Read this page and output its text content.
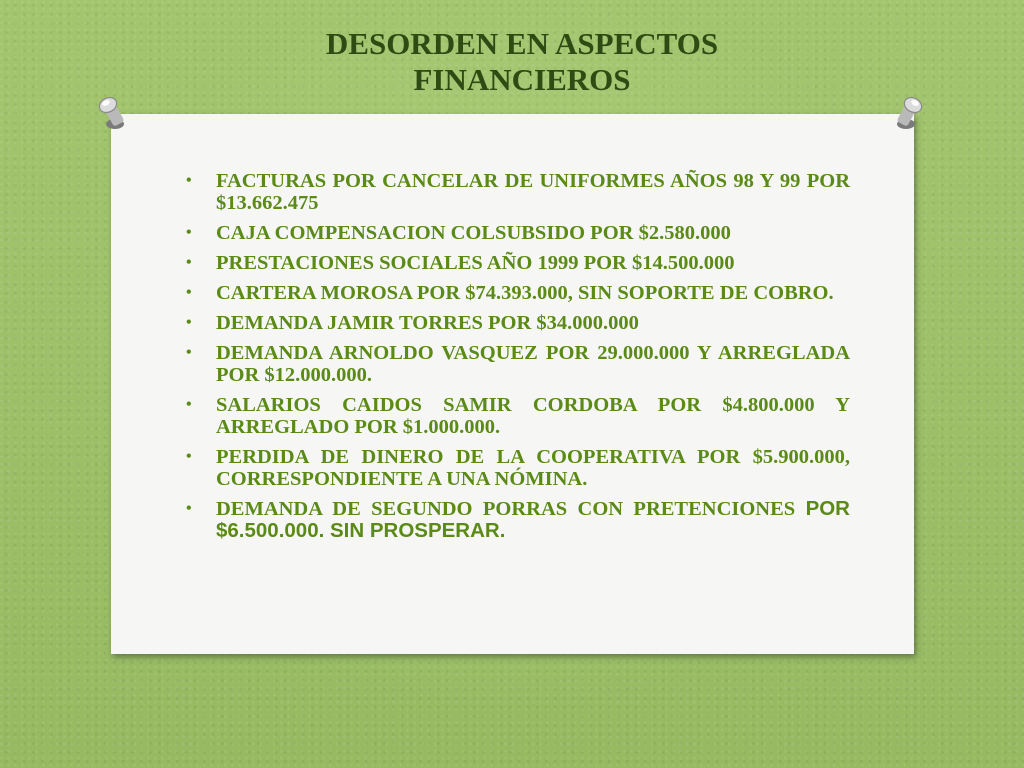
DESORDEN EN ASPECTOS
FINANCIEROS
• FACTURAS POR CANCELAR DE UNIFORMES AÑOS 98 Y 99 POR $13.662.475
• CAJA COMPENSACION COLSUBSIDO POR $2.580.000
• PRESTACIONES SOCIALES AÑO 1999 POR $14.500.000
• CARTERA MOROSA POR $74.393.000, SIN SOPORTE DE COBRO.
• DEMANDA JAMIR TORRES POR $34.000.000
• DEMANDA ARNOLDO VASQUEZ POR 29.000.000 Y ARREGLADA POR $12.000.000.
• SALARIOS CAIDOS SAMIR CORDOBA POR $4.800.000 Y ARREGLADO POR $1.000.000.
• PERDIDA DE DINERO DE LA COOPERATIVA POR $5.900.000, CORRESPONDIENTE A UNA NÓMINA.
• DEMANDA DE SEGUNDO PORRAS CON PRETENCIONES POR $6.500.000. SIN PROSPERAR.
